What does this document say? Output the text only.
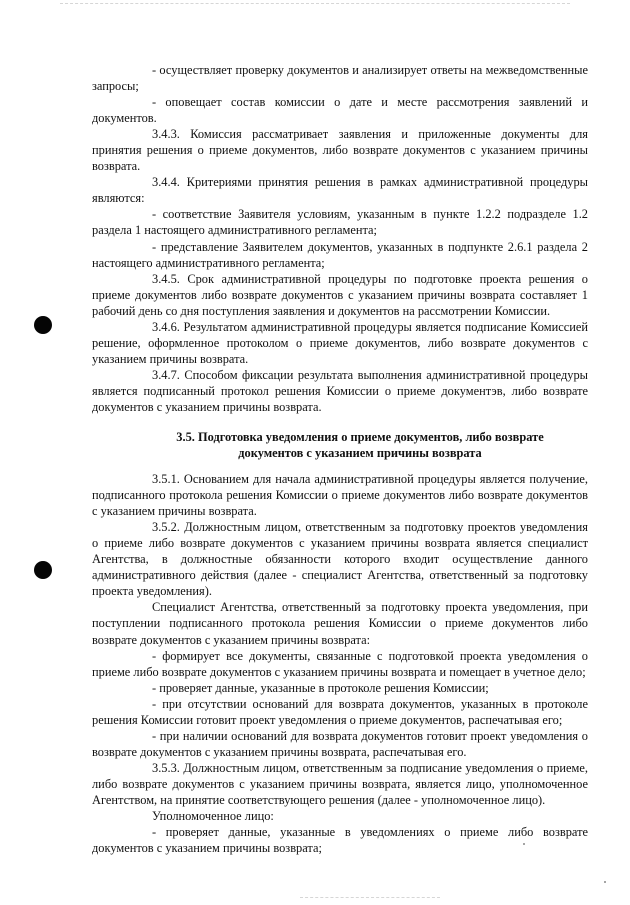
- осуществляет проверку документов и анализирует ответы на межведомственные запросы;

- оповещает состав комиссии о дате и месте рассмотрения заявлений и документов.

3.4.3. Комиссия рассматривает заявления и приложенные документы для принятия решения о приеме документов, либо возврате документов с указанием причины возврата.

3.4.4. Критериями принятия решения в рамках административной процедуры являются:

- соответствие Заявителя условиям, указанным в пункте 1.2.2 подразделе 1.2 раздела 1 настоящего административного регламента;

- представление Заявителем документов, указанных в подпункте 2.6.1 раздела 2 настоящего административного регламента;

3.4.5. Срок административной процедуры по подготовке проекта решения о приеме документов либо возврате документов с указанием причины возврата составляет 1 рабочий день со дня поступления заявления и документов на рассмотрении Комиссии.

3.4.6. Результатом административной процедуры является подписание Комиссией решение, оформленное протоколом о приеме документов, либо возврате документов с указанием причины возврата.

3.4.7. Способом фиксации результата выполнения административной процедуры является подписанный протокол решения Комиссии о приеме документэв, либо возврате документов с указанием причины возврата.

3.5. Подготовка уведомления о приеме документов, либо возврате
документов с указанием причины возврата

3.5.1. Основанием для начала административной процедуры является получение, подписанного протокола решения Комиссии о приеме документов либо возврате документов с указанием причины возврата.

3.5.2. Должностным лицом, ответственным за подготовку проектов уведомления о приеме либо возврате документов с указанием причины возврата является специалист Агентства, в должностные обязанности которого входит осуществление данного административного действия (далее - специалист Агентства, ответственный за подготовку проекта уведомления).

Специалист Агентства, ответственный за подготовку проекта уведомления, при поступлении подписанного протокола решения Комиссии о приеме документов либо возврате документов с указанием причины возврата:

- формирует все документы, связанные с подготовкой проекта уведомления о приеме либо возврате документов с указанием причины возврата и помещает в учетное дело;

- проверяет данные, указанные в протоколе решения Комиссии;

- при отсутствии оснований для возврата документов, указанных в протоколе решения Комиссии готовит проект уведомления о приеме документов, распечатывая его;

- при наличии оснований для возврата документов готовит проект уведомления о возврате документов с указанием причины возврата, распечатывая его.

3.5.3. Должностным лицом, ответственным за подписание уведомления о приеме, либо возврате документов с указанием причины возврата, является лицо, уполномоченное Агентством, на принятие соответствующего решения (далее - уполномоченное лицо).

Уполномоченное лицо:

- проверяет данные, указанные в уведомлениях о приеме либо возврате документов с указанием причины возврата;
